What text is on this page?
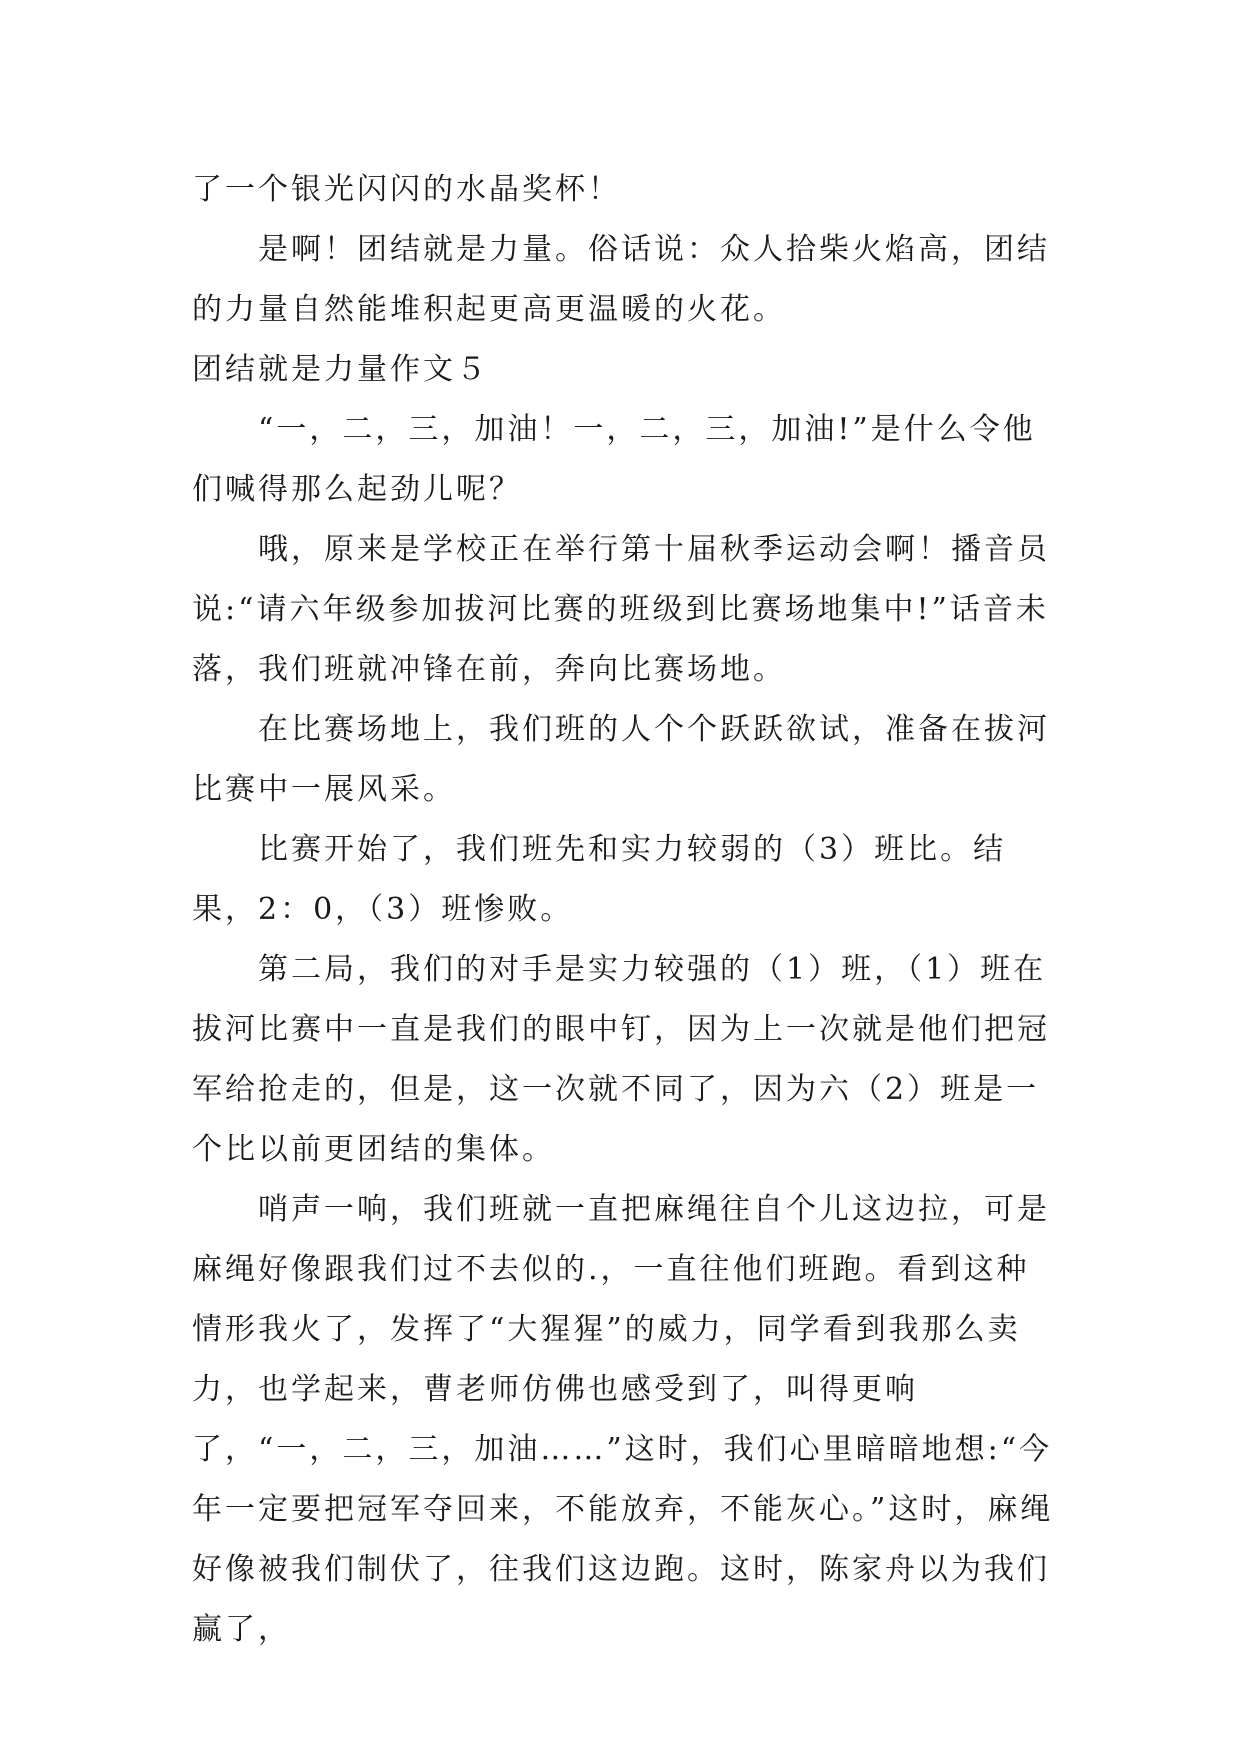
了一个银光闪闪的水晶奖杯！

是啊！团结就是力量。俗话说：众人拾柴火焰高，团结的力量自然能堆积起更高更温暖的火花。

团结就是力量作文５

“一，二，三，加油！一，二，三，加油!”是什么令他们喊得那么起劲儿呢？

哦，原来是学校正在举行第十届秋季运动会啊！播音员说:“请六年级参加拔河比赛的班级到比赛场地集中!”话音未落，我们班就冲锋在前，奔向比赛场地。

在比赛场地上，我们班的人个个跃跃欲试，准备在拔河比赛中一展风采。

比赛开始了，我们班先和实力较弱的（3）班比。结果，2：0，（3）班惨败。

第二局，我们的对手是实力较强的（1）班，（1）班在拔河比赛中一直是我们的眼中钉，因为上一次就是他们把冠军给抢走的，但是，这一次就不同了，因为六（2）班是一个比以前更团结的集体。

哨声一响，我们班就一直把麻绳往自个儿这边拉，可是麻绳好像跟我们过不去似的.，一直往他们班跑。看到这种情形我火了，发挥了“大猩猩”的威力，同学看到我那么卖力，也学起来，曹老师仿佛也感受到了，叫得更响了，“一，二，三，加油……”这时，我们心里暗暗地想:“今年一定要把冠军夺回来，不能放弃，不能灰心。”这时，麻绳好像被我们制伏了，往我们这边跑。这时，陈家舟以为我们赢了，
